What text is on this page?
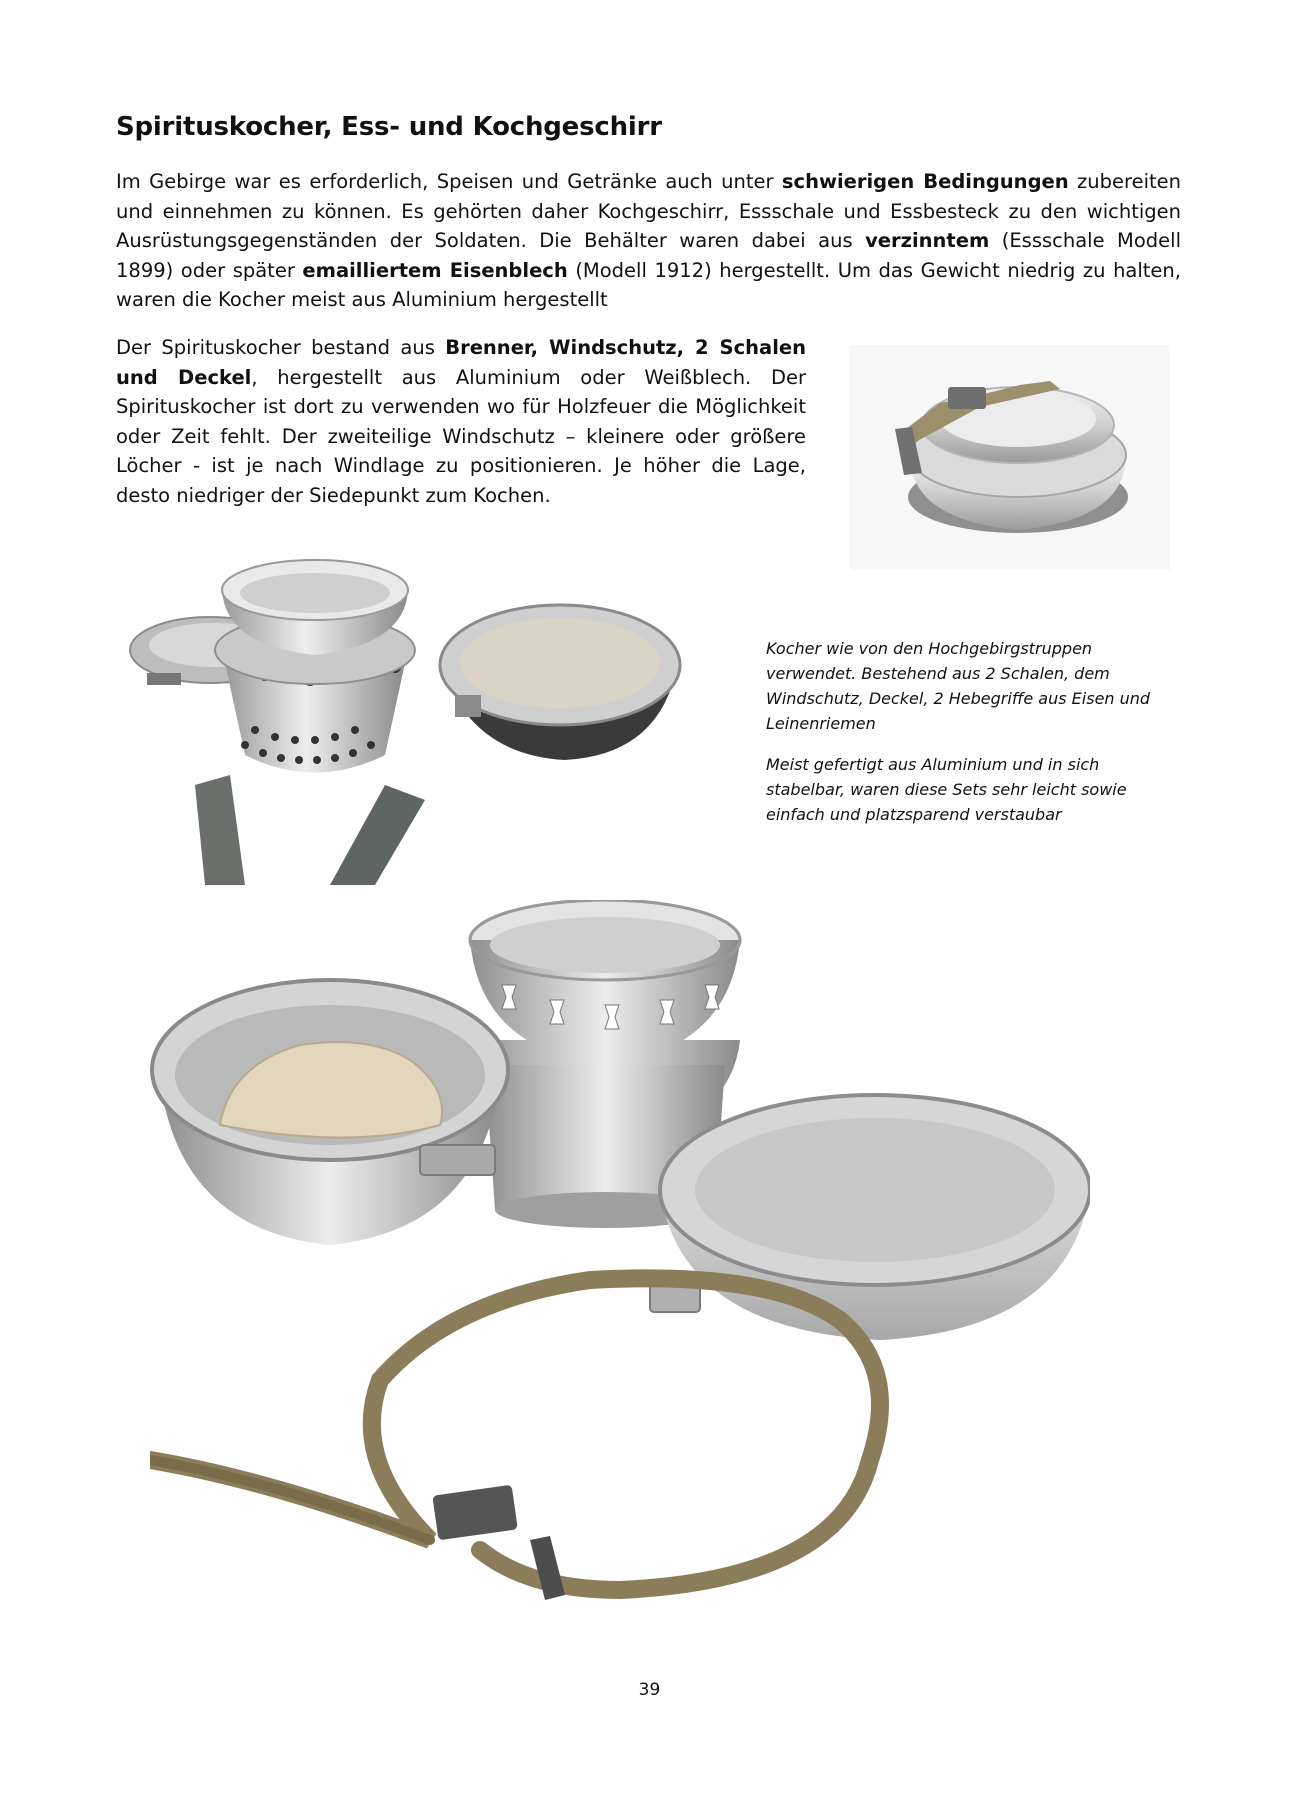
Spirituskocher, Ess- und Kochgeschirr

Im Gebirge war es erforderlich, Speisen und Getränke auch unter schwierigen Bedingungen zubereiten und einnehmen zu können. Es gehörten daher Kochgeschirr, Essschale und Essbesteck zu den wichtigen Ausrüstungsgegenständen der Soldaten. Die Behälter waren dabei aus verzinntem (Essschale Modell 1899) oder später emailliertem Eisenblech (Modell 1912) hergestellt. Um das Gewicht niedrig zu halten, waren die Kocher meist aus Aluminium hergestellt

Der Spirituskocher bestand aus Brenner, Windschutz, 2 Schalen und Deckel, hergestellt aus Aluminium oder Weißblech. Der Spirituskocher ist dort zu verwenden wo für Holzfeuer die Möglichkeit oder Zeit fehlt. Der zweiteilige Windschutz – kleinere oder größere Löcher - ist je nach Windlage zu positionieren. Je höher die Lage, desto niedriger der Siedepunkt zum Kochen.

Kocher wie von den Hochgebirgstruppen verwendet. Bestehend aus 2 Schalen, dem Windschutz, Deckel, 2 Hebegriffe aus Eisen und Leinenriemen

Meist gefertigt aus Aluminium und in sich stabelbar, waren diese Sets sehr leicht sowie einfach und platzsparend verstaubar

39
